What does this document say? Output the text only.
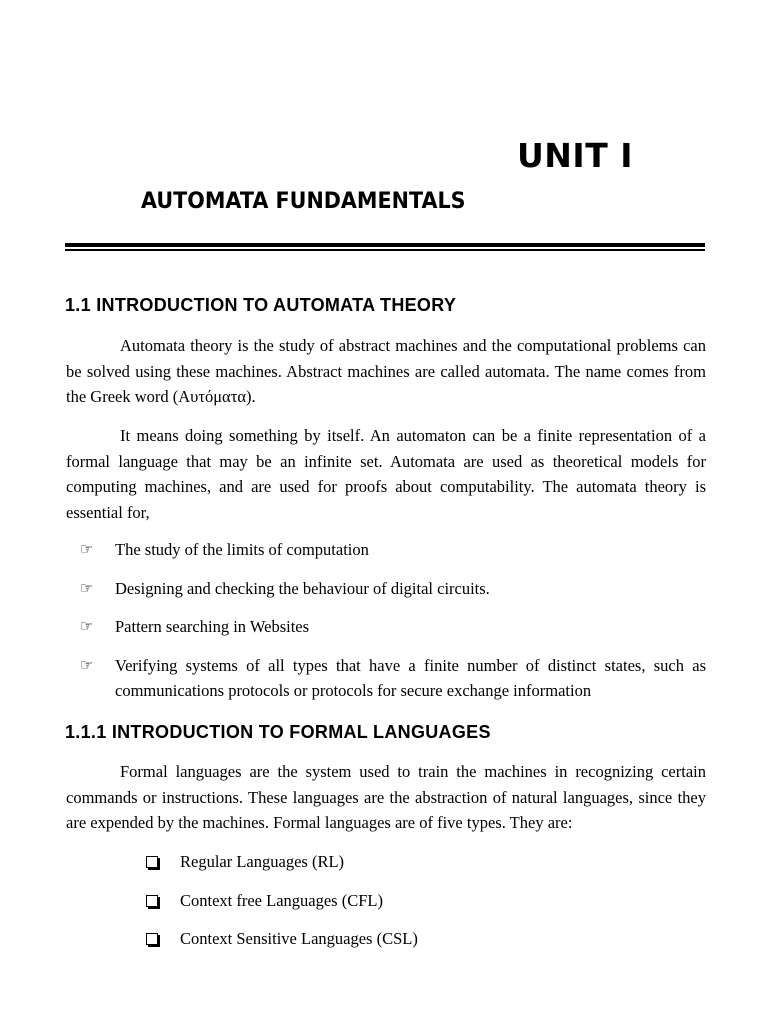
UNIT I
AUTOMATA FUNDAMENTALS
1.1 INTRODUCTION TO AUTOMATA THEORY

Automata theory is the study of abstract machines and the computational problems can be solved using these machines. Abstract machines are called automata. The name comes from the Greek word (Αυτόματα).

It means doing something by itself. An automaton can be a finite representation of a formal language that may be an infinite set. Automata are used as theoretical models for computing machines, and are used for proofs about computability. The automata theory is essential for,

☞ The study of the limits of computation
☞ Designing and checking the behaviour of digital circuits.
☞ Pattern searching in Websites
☞ Verifying systems of all types that have a finite number of distinct states, such as communications protocols or protocols for secure exchange information
1.1.1 INTRODUCTION TO FORMAL LANGUAGES

Formal languages are the system used to train the machines in recognizing certain commands or instructions. These languages are the abstraction of natural languages, since they are expended by the machines. Formal languages are of five types. They are:

Regular Languages (RL)
Context free Languages (CFL)
Context Sensitive Languages (CSL)
